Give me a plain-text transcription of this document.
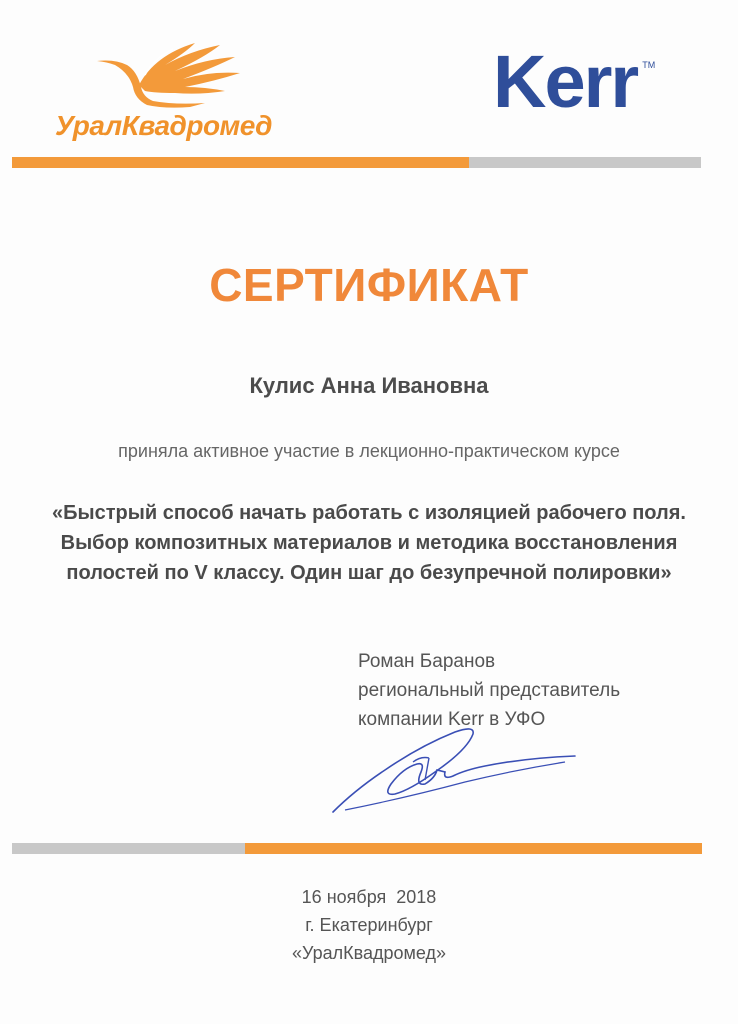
УралКвадромед
Kerr TM
СЕРТИФИКАТ
Кулис Анна Ивановна
приняла активное участие в лекционно-практическом курсе
«Быстрый способ начать работать с изоляцией рабочего поля.
Выбор композитных материалов и методика восстановления
полостей по V классу. Один шаг до безупречной полировки»
Роман Баранов
региональный представитель
компании Kerr в УФО
16 ноября  2018
г. Екатеринбург
«УралКвадромед»
